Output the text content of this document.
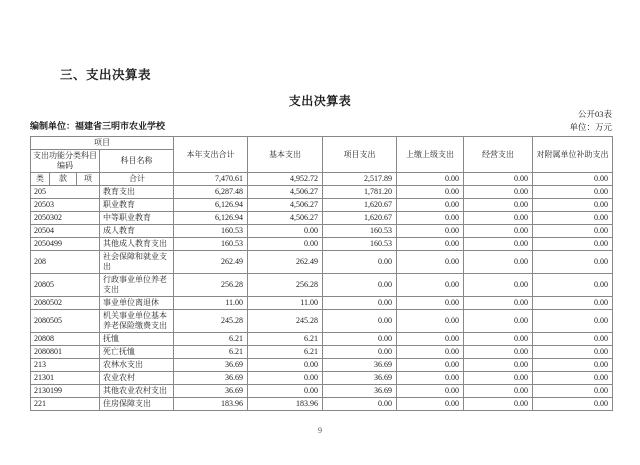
三、支出决算表
支出决算表
公开03表
编制单位：福建省三明市农业学校	单位：万元
项目				本年支出合计	基本支出	项目支出	上缴上级支出	经营支出	对附属单位补助支出
支出功能分类科目编码			科目名称						
类	款	项	合计	7,470.61	4,952.72	2,517.89	0.00	0.00	0.00
205			教育支出	6,287.48	4,506.27	1,781.20	0.00	0.00	0.00
20503			职业教育	6,126.94	4,506.27	1,620.67	0.00	0.00	0.00
2050302			中等职业教育	6,126.94	4,506.27	1,620.67	0.00	0.00	0.00
20504			成人教育	160.53	0.00	160.53	0.00	0.00	0.00
2050499			其他成人教育支出	160.53	0.00	160.53	0.00	0.00	0.00
208			社会保障和就业支出	262.49	262.49	0.00	0.00	0.00	0.00
20805			行政事业单位养老支出	256.28	256.28	0.00	0.00	0.00	0.00
2080502			事业单位离退休	11.00	11.00	0.00	0.00	0.00	0.00
2080505			机关事业单位基本养老保险缴费支出	245.28	245.28	0.00	0.00	0.00	0.00
20808			抚恤	6.21	6.21	0.00	0.00	0.00	0.00
2080801			死亡抚恤	6.21	6.21	0.00	0.00	0.00	0.00
213			农林水支出	36.69	0.00	36.69	0.00	0.00	0.00
21301			农业农村	36.69	0.00	36.69	0.00	0.00	0.00
2130199			其他农业农村支出	36.69	0.00	36.69	0.00	0.00	0.00
221			住房保障支出	183.96	183.96	0.00	0.00	0.00	0.00
9
